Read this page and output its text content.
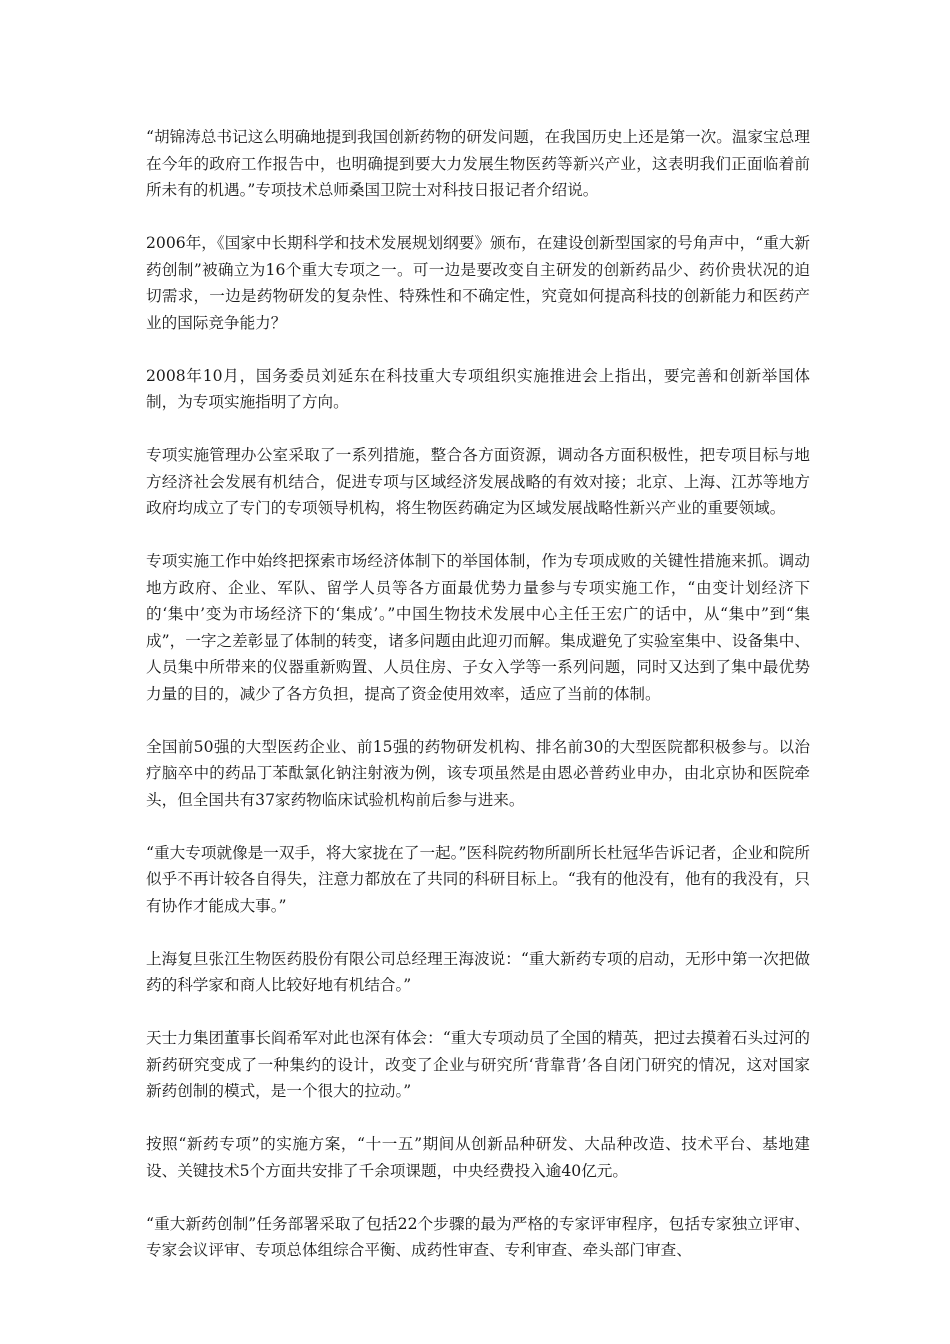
“胡锦涛总书记这么明确地提到我国创新药物的研发问题，在我国历史上还是第一次。温家宝总理在今年的政府工作报告中，也明确提到要大力发展生物医药等新兴产业，这表明我们正面临着前所未有的机遇。”专项技术总师桑国卫院士对科技日报记者介绍说。

2006年，《国家中长期科学和技术发展规划纲要》颁布，在建设创新型国家的号角声中，“重大新药创制”被确立为16个重大专项之一。可一边是要改变自主研发的创新药品少、药价贵状况的迫切需求，一边是药物研发的复杂性、特殊性和不确定性，究竟如何提高科技的创新能力和医药产业的国际竞争能力？

2008年10月，国务委员刘延东在科技重大专项组织实施推进会上指出，要完善和创新举国体制，为专项实施指明了方向。

专项实施管理办公室采取了一系列措施，整合各方面资源，调动各方面积极性，把专项目标与地方经济社会发展有机结合，促进专项与区域经济发展战略的有效对接；北京、上海、江苏等地方政府均成立了专门的专项领导机构，将生物医药确定为区域发展战略性新兴产业的重要领域。

专项实施工作中始终把探索市场经济体制下的举国体制，作为专项成败的关键性措施来抓。调动地方政府、企业、军队、留学人员等各方面最优势力量参与专项实施工作，“由变计划经济下的‘集中’变为市场经济下的‘集成’。”中国生物技术发展中心主任王宏广的话中，从“集中”到“集成”，一字之差彰显了体制的转变，诸多问题由此迎刃而解。集成避免了实验室集中、设备集中、人员集中所带来的仪器重新购置、人员住房、子女入学等一系列问题，同时又达到了集中最优势力量的目的，减少了各方负担，提高了资金使用效率，适应了当前的体制。

全国前50强的大型医药企业、前15强的药物研发机构、排名前30的大型医院都积极参与。以治疗脑卒中的药品丁苯酞氯化钠注射液为例，该专项虽然是由恩必普药业申办，由北京协和医院牵头，但全国共有37家药物临床试验机构前后参与进来。

“重大专项就像是一双手，将大家拢在了一起。”医科院药物所副所长杜冠华告诉记者，企业和院所似乎不再计较各自得失，注意力都放在了共同的科研目标上。“我有的他没有，他有的我没有，只有协作才能成大事。”

上海复旦张江生物医药股份有限公司总经理王海波说：“重大新药专项的启动，无形中第一次把做药的科学家和商人比较好地有机结合。”

天士力集团董事长阎希军对此也深有体会：“重大专项动员了全国的精英，把过去摸着石头过河的新药研究变成了一种集约的设计，改变了企业与研究所‘背靠背’各自闭门研究的情况，这对国家新药创制的模式，是一个很大的拉动。”

按照“新药专项”的实施方案，“十一五”期间从创新品种研发、大品种改造、技术平台、基地建设、关键技术5个方面共安排了千余项课题，中央经费投入逾40亿元。

“重大新药创制”任务部署采取了包括22个步骤的最为严格的专家评审程序，包括专家独立评审、专家会议评审、专项总体组综合平衡、成药性审查、专利审查、牵头部门审查、
